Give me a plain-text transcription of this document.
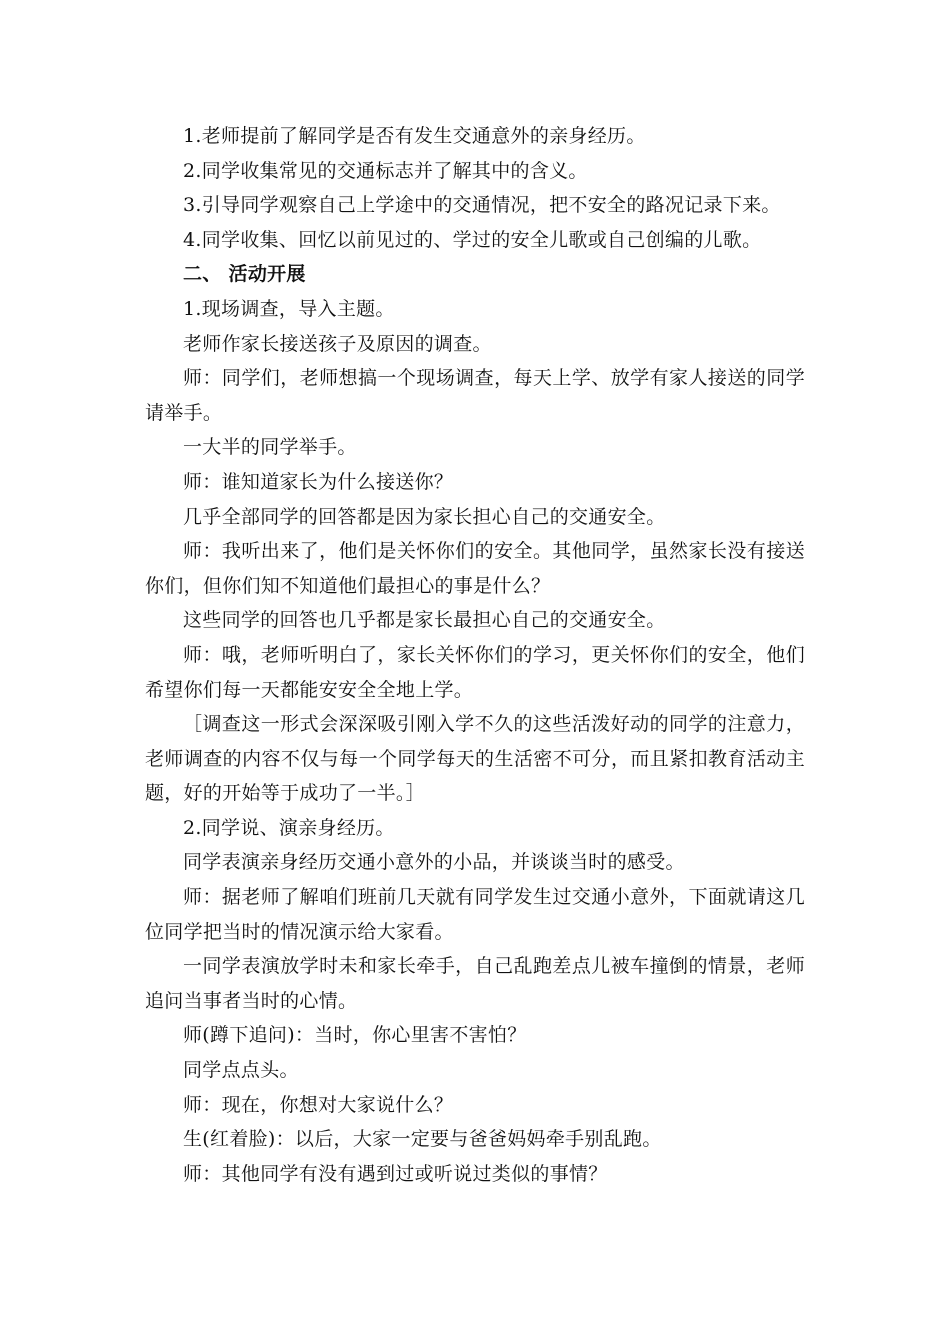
1.老师提前了解同学是否有发生交通意外的亲身经历。

2.同学收集常见的交通标志并了解其中的含义。

3.引导同学观察自己上学途中的交通情况，把不安全的路况记录下来。

4.同学收集、回忆以前见过的、学过的安全儿歌或自己创编的儿歌。

二、 活动开展

1.现场调查，导入主题。

老师作家长接送孩子及原因的调查。

师：同学们，老师想搞一个现场调查，每天上学、放学有家人接送的同学请举手。

一大半的同学举手。

师：谁知道家长为什么接送你？

几乎全部同学的回答都是因为家长担心自己的交通安全。

师：我听出来了，他们是关怀你们的安全。其他同学，虽然家长没有接送你们，但你们知不知道他们最担心的事是什么？

这些同学的回答也几乎都是家长最担心自己的交通安全。

师：哦，老师听明白了，家长关怀你们的学习，更关怀你们的安全，他们希望你们每一天都能安安全全地上学。

［调查这一形式会深深吸引刚入学不久的这些活泼好动的同学的注意力，老师调查的内容不仅与每一个同学每天的生活密不可分，而且紧扣教育活动主题，好的开始等于成功了一半。］

2.同学说、演亲身经历。

同学表演亲身经历交通小意外的小品，并谈谈当时的感受。

师：据老师了解咱们班前几天就有同学发生过交通小意外，下面就请这几位同学把当时的情况演示给大家看。

一同学表演放学时未和家长牵手，自己乱跑差点儿被车撞倒的情景，老师追问当事者当时的心情。

师(蹲下追问)：当时，你心里害不害怕？

同学点点头。

师：现在，你想对大家说什么？

生(红着脸)：以后，大家一定要与爸爸妈妈牵手别乱跑。

师：其他同学有没有遇到过或听说过类似的事情？
